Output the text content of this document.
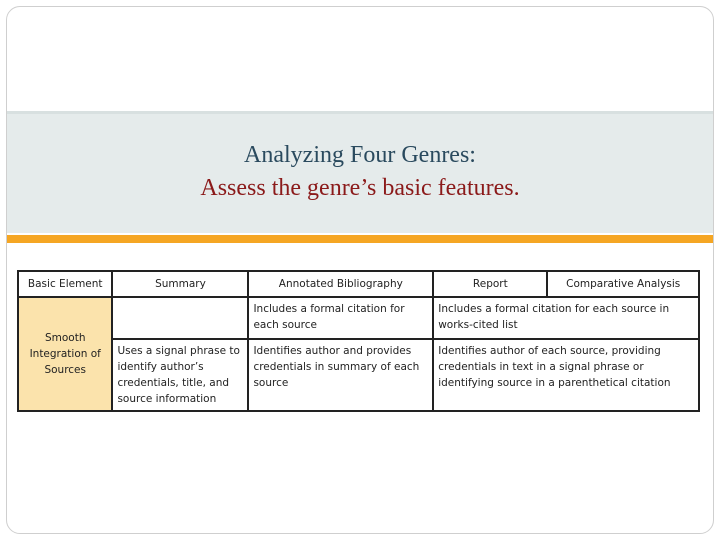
Analyzing Four Genres:
Assess the genre’s basic features.
Basic Element	Summary	Annotated Bibliography	Report	Comparative Analysis
Smooth Integration of Sources		Includes a formal citation for each source	Includes a formal citation for each source in works-cited list	
	Uses a signal phrase to identify author’s credentials, title, and source information	Identifies author and provides credentials in summary of each source	Identifies author of each source, providing credentials in text in a signal phrase or identifying source in a parenthetical citation	
